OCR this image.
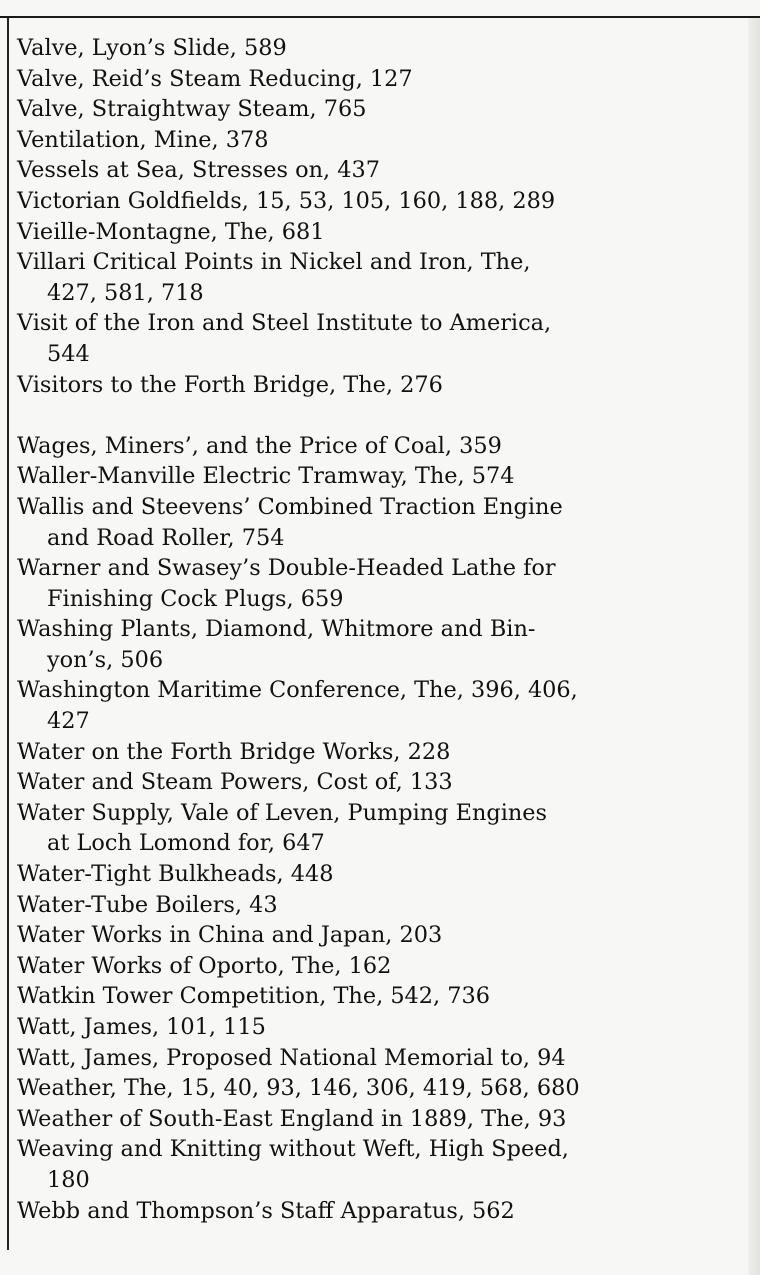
Valve, Lyon’s Slide, 589
Valve, Reid’s Steam Reducing, 127
Valve, Straightway Steam, 765
Ventilation, Mine, 378
Vessels at Sea, Stresses on, 437
Victorian Goldfields, 15, 53, 105, 160, 188, 289
Vieille-Montagne, The, 681
Villari Critical Points in Nickel and Iron, The,
427, 581, 718
Visit of the Iron and Steel Institute to America,
544
Visitors to the Forth Bridge, The, 276
Wages, Miners’, and the Price of Coal, 359
Waller-Manville Electric Tramway, The, 574
Wallis and Steevens’ Combined Traction Engine
and Road Roller, 754
Warner and Swasey’s Double-Headed Lathe for
Finishing Cock Plugs, 659
Washing Plants, Diamond, Whitmore and Bin-
yon’s, 506
Washington Maritime Conference, The, 396, 406,
427
Water on the Forth Bridge Works, 228
Water and Steam Powers, Cost of, 133
Water Supply, Vale of Leven, Pumping Engines
at Loch Lomond for, 647
Water-Tight Bulkheads, 448
Water-Tube Boilers, 43
Water Works in China and Japan, 203
Water Works of Oporto, The, 162
Watkin Tower Competition, The, 542, 736
Watt, James, 101, 115
Watt, James, Proposed National Memorial to, 94
Weather, The, 15, 40, 93, 146, 306, 419, 568, 680
Weather of South-East England in 1889, The, 93
Weaving and Knitting without Weft, High Speed,
180
Webb and Thompson’s Staff Apparatus, 562
